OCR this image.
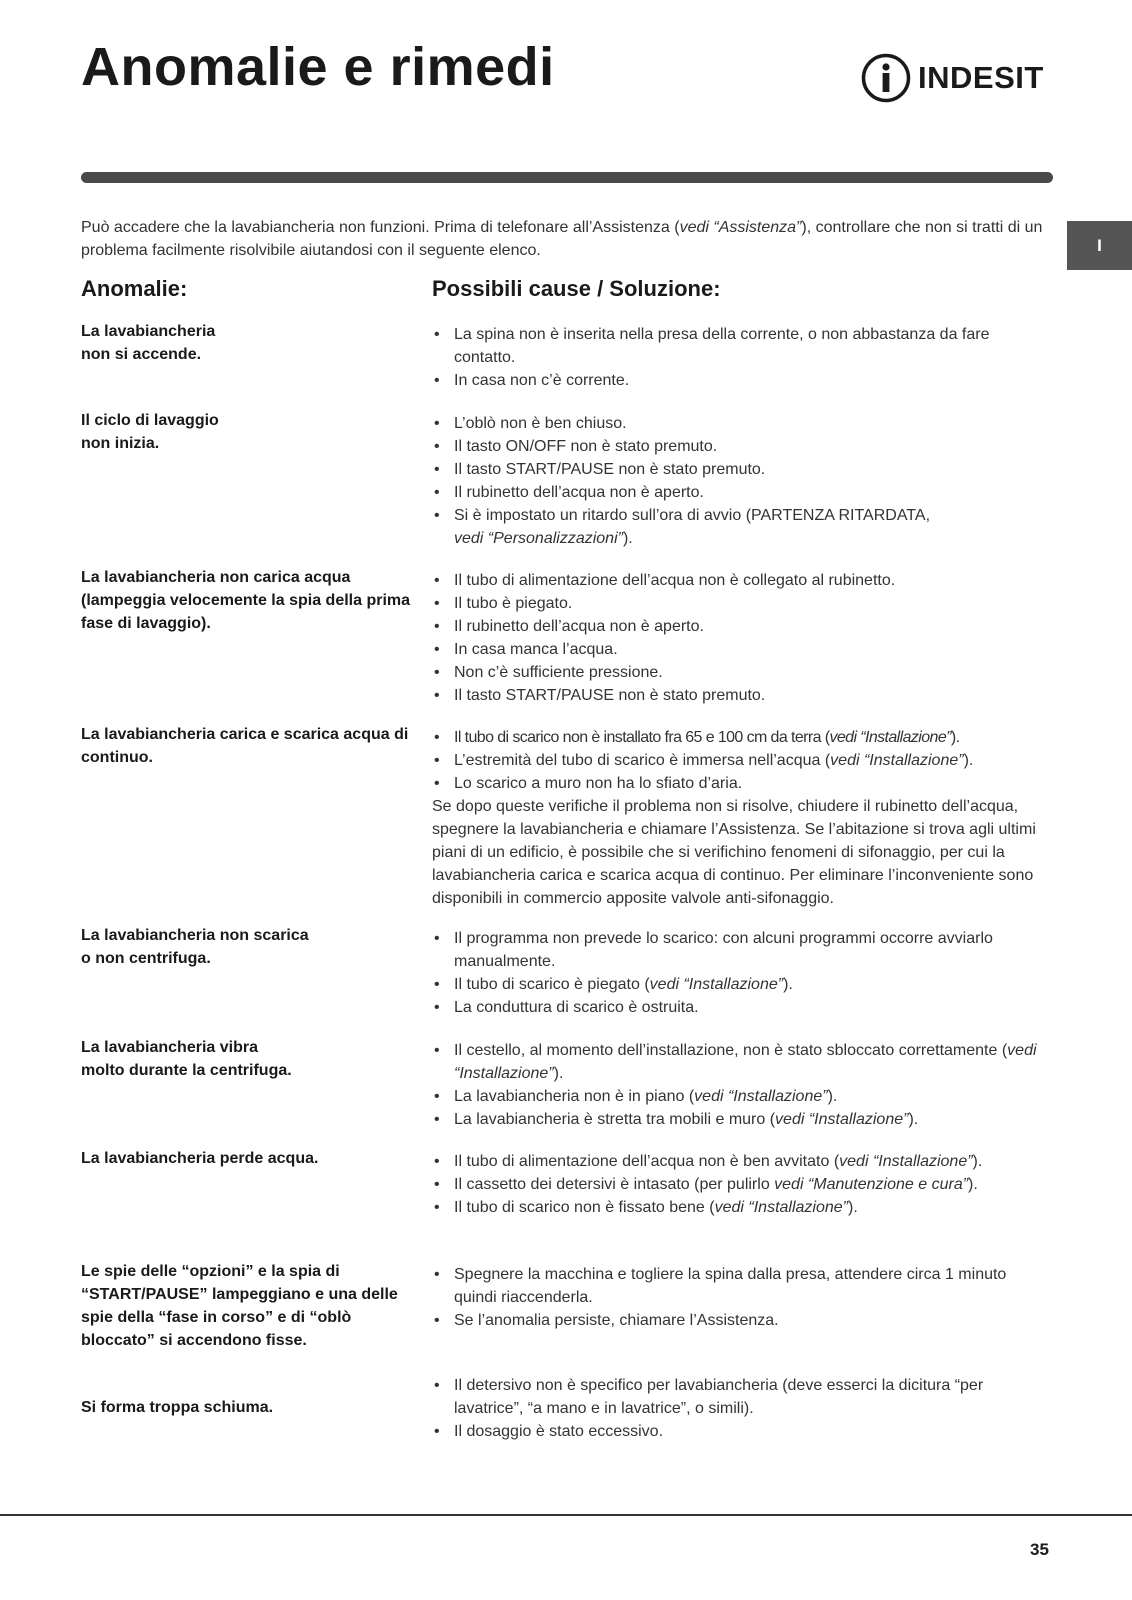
Anomalie e rimedi	INDESIT
I

Può accadere che la lavabiancheria non funzioni. Prima di telefonare all’Assistenza (vedi “Assistenza”), controllare che non si tratti di un problema facilmente risolvibile aiutandosi con il seguente elenco.

Anomalie:	Possibili cause / Soluzione:

La lavabiancheria
non si accende.

• La spina non è inserita nella presa della corrente, o non abbastanza da fare contatto.
• In casa non c’è corrente.

Il ciclo di lavaggio
non inizia.

• L’oblò non è ben chiuso.
• Il tasto ON/OFF non è stato premuto.
• Il tasto START/PAUSE non è stato premuto.
• Il rubinetto dell’acqua non è aperto.
• Si è impostato un ritardo sull’ora di avvio (PARTENZA RITARDATA,
vedi “Personalizzazioni”).

La lavabiancheria non carica acqua (lampeggia velocemente la spia della prima fase di lavaggio).

• Il tubo di alimentazione dell’acqua non è collegato al rubinetto.
• Il tubo è piegato.
• Il rubinetto dell’acqua non è aperto.
• In casa manca l’acqua.
• Non c’è sufficiente pressione.
• Il tasto START/PAUSE non è stato premuto.

La lavabiancheria carica e scarica acqua di continuo.

• Il tubo di scarico non è installato fra 65 e 100 cm da terra (vedi “Installazione”).
• L’estremità del tubo di scarico è immersa nell’acqua (vedi “Installazione”).
• Lo scarico a muro non ha lo sfiato d’aria.

Se dopo queste verifiche il problema non si risolve, chiudere il rubinetto dell’acqua, spegnere la lavabiancheria e chiamare l’Assistenza. Se l’abitazione si trova agli ultimi piani di un edificio, è possibile che si verifichino fenomeni di sifonaggio, per cui la lavabiancheria carica e scarica acqua di continuo. Per eliminare l’inconveniente sono disponibili in commercio apposite valvole anti-sifonaggio.

La lavabiancheria non scarica
o non centrifuga.

• Il programma non prevede lo scarico: con alcuni programmi occorre avviarlo manualmente.
• Il tubo di scarico è piegato (vedi “Installazione”).
• La conduttura di scarico è ostruita.

La lavabiancheria vibra
molto durante la centrifuga.

• Il cestello, al momento dell’installazione, non è stato sbloccato correttamente (vedi “Installazione”).
• La lavabiancheria non è in piano (vedi “Installazione”).
• La lavabiancheria è stretta tra mobili e muro (vedi “Installazione”).

La lavabiancheria perde acqua.

•	Il tubo di alimentazione dell’acqua non è ben avvitato (vedi “Installazione”).
• Il cassetto dei detersivi è intasato (per pulirlo vedi “Manutenzione e cura”).
• Il tubo di scarico non è fissato bene (vedi “Installazione”).

Le spie delle “opzioni” e la spia di “START/PAUSE” lampeggiano e una delle spie della “fase in corso” e di “oblò bloccato” si accendono fisse.

• Spegnere la macchina e togliere la spina dalla presa, attendere circa 1 minuto quindi riaccenderla.
• Se l’anomalia persiste, chiamare l’Assistenza.

Si forma troppa schiuma.

• Il detersivo non è specifico per lavabiancheria (deve esserci la dicitura “per lavatrice”, “a mano e in lavatrice”, o simili).
• Il dosaggio è stato eccessivo.

35
